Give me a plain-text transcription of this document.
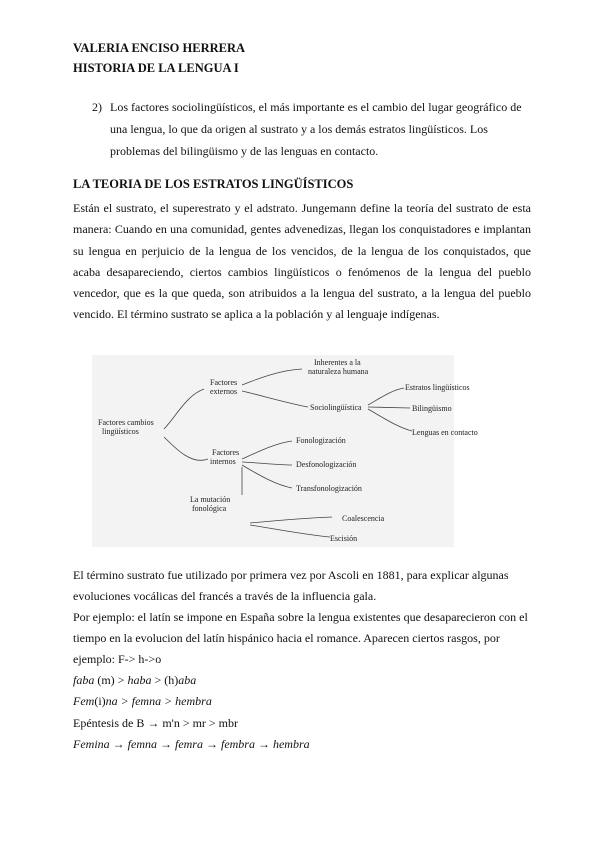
VALERIA ENCISO HERRERA
HISTORIA DE LA LENGUA I
2) Los factores sociolingüísticos, el más importante es el cambio del lugar geográfico de una lengua, lo que da origen al sustrato y a los demás estratos lingüísticos. Los problemas del bilingüismo y de las lenguas en contacto.
LA TEORIA DE LOS ESTRATOS LINGÜÍSTICOS
Están el sustrato, el superestrato y el adstrato. Jungemann define la teoría del sustrato de esta manera: Cuando en una comunidad, gentes advenedizas, llegan los conquistadores e implantan su lengua en perjuicio de la lengua de los vencidos, de la lengua de los conquistados, que acaba desapareciendo, ciertos cambios lingüísticos o fenómenos de la lengua del pueblo vencedor, que es la que queda, son atribuidos a la lengua del sustrato, a la lengua del pueblo vencido. El término sustrato se aplica a la población y al lenguaje indígenas.
Factores cambios
lingüísticos
Factores
externos
Inherentes a la
naturaleza humana
Sociolingüística
Estratos lingüísticos
Bilingüismo
Lenguas en contacto
Factores
internos
Fonologización
Desfonologización
Transfonologización
La mutación
fonológica
Coalescencia
Escisión
El término sustrato fue utilizado por primera vez por Ascoli en 1881, para explicar algunas evoluciones vocálicas del francés a través de la influencia gala.
Por ejemplo: el latín se impone en España sobre la lengua existentes que desaparecieron con el tiempo en la evolucion del latín hispánico hacia el romance. Aparecen ciertos rasgos, por ejemplo: F-> h->o
faba (m) > haba > (h)aba
Fem(i)na > femna > hembra
Epéntesis de B → m'n > mr > mbr
Femina → femna → femra → fembra → hembra
